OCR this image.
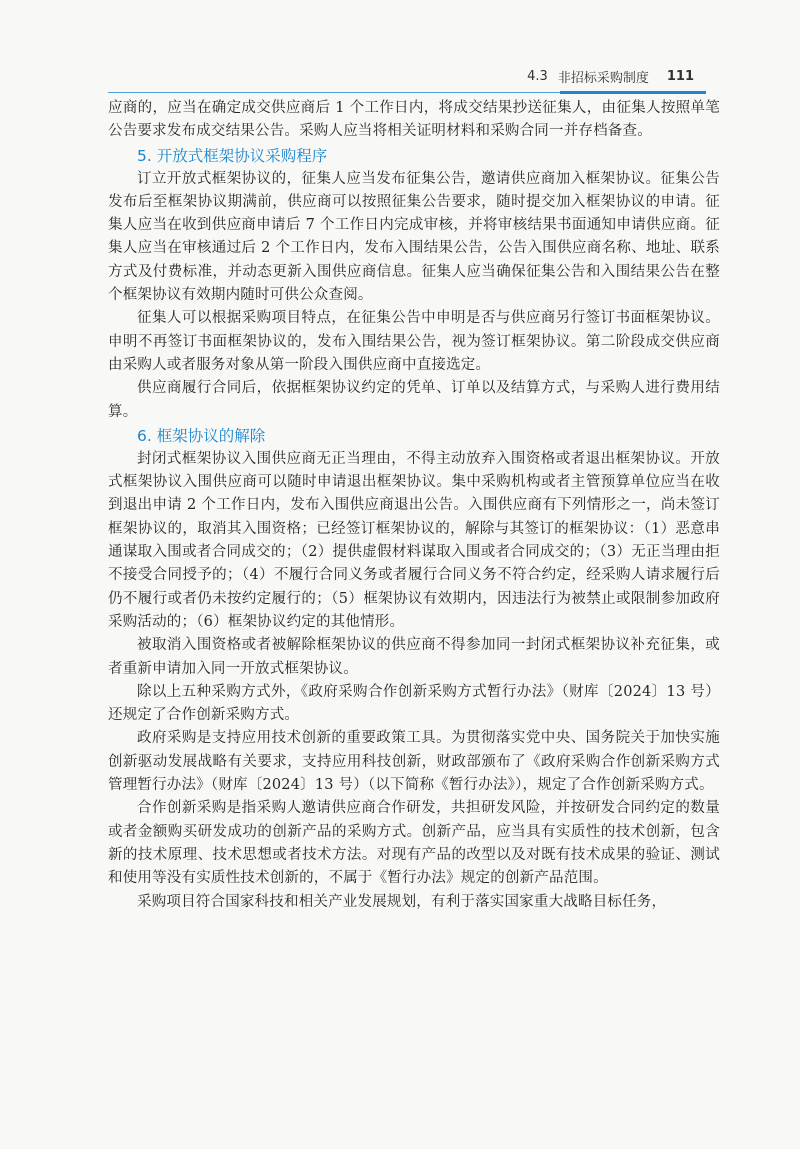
4.3 非招标采购制度 111

应商的，应当在确定成交供应商后 1 个工作日内，将成交结果抄送征集人，由征集人按照单笔公告要求发布成交结果公告。采购人应当将相关证明材料和采购合同一并存档备查。

5. 开放式框架协议采购程序

订立开放式框架协议的，征集人应当发布征集公告，邀请供应商加入框架协议。征集公告发布后至框架协议期满前，供应商可以按照征集公告要求，随时提交加入框架协议的申请。征集人应当在收到供应商申请后 7 个工作日内完成审核，并将审核结果书面通知申请供应商。征集人应当在审核通过后 2 个工作日内，发布入围结果公告，公告入围供应商名称、地址、联系方式及付费标准，并动态更新入围供应商信息。征集人应当确保征集公告和入围结果公告在整个框架协议有效期内随时可供公众查阅。

征集人可以根据采购项目特点，在征集公告中申明是否与供应商另行签订书面框架协议。申明不再签订书面框架协议的，发布入围结果公告，视为签订框架协议。第二阶段成交供应商由采购人或者服务对象从第一阶段入围供应商中直接选定。

供应商履行合同后，依据框架协议约定的凭单、订单以及结算方式，与采购人进行费用结算。

6. 框架协议的解除

封闭式框架协议入围供应商无正当理由，不得主动放弃入围资格或者退出框架协议。开放式框架协议入围供应商可以随时申请退出框架协议。集中采购机构或者主管预算单位应当在收到退出申请 2 个工作日内，发布入围供应商退出公告。入围供应商有下列情形之一，尚未签订框架协议的，取消其入围资格；已经签订框架协议的，解除与其签订的框架协议：（1）恶意串通谋取入围或者合同成交的；（2）提供虚假材料谋取入围或者合同成交的；（3）无正当理由拒不接受合同授予的；（4）不履行合同义务或者履行合同义务不符合约定，经采购人请求履行后仍不履行或者仍未按约定履行的；（5）框架协议有效期内，因违法行为被禁止或限制参加政府采购活动的；（6）框架协议约定的其他情形。

被取消入围资格或者被解除框架协议的供应商不得参加同一封闭式框架协议补充征集，或者重新申请加入同一开放式框架协议。

除以上五种采购方式外，《政府采购合作创新采购方式暂行办法》（财库〔2024〕13 号）还规定了合作创新采购方式。

政府采购是支持应用技术创新的重要政策工具。为贯彻落实党中央、国务院关于加快实施创新驱动发展战略有关要求，支持应用科技创新，财政部颁布了《政府采购合作创新采购方式管理暂行办法》（财库〔2024〕13 号）（以下简称《暂行办法》），规定了合作创新采购方式。

合作创新采购是指采购人邀请供应商合作研发，共担研发风险，并按研发合同约定的数量或者金额购买研发成功的创新产品的采购方式。创新产品，应当具有实质性的技术创新，包含新的技术原理、技术思想或者技术方法。对现有产品的改型以及对既有技术成果的验证、测试和使用等没有实质性技术创新的，不属于《暂行办法》规定的创新产品范围。

采购项目符合国家科技和相关产业发展规划，有利于落实国家重大战略目标任务，
